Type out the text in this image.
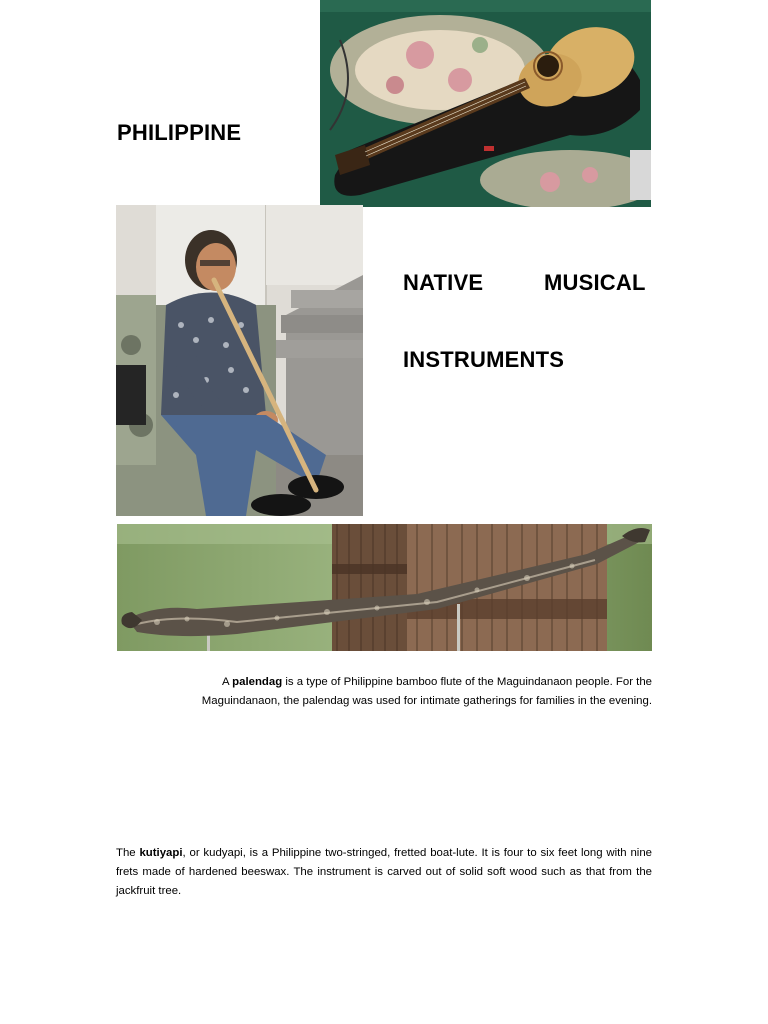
PHILIPPINE
NATIVE	MUSICAL
INSTRUMENTS
A palendag is a type of Philippine bamboo flute of the Maguindanaon people. For the Maguindanaon, the palendag was used for intimate gatherings for families in the evening.
The kutiyapi, or kudyapi, is a Philippine two-stringed, fretted boat-lute. It is four to six feet long with nine frets made of hardened beeswax. The instrument is carved out of solid soft wood such as that from the jackfruit tree.
